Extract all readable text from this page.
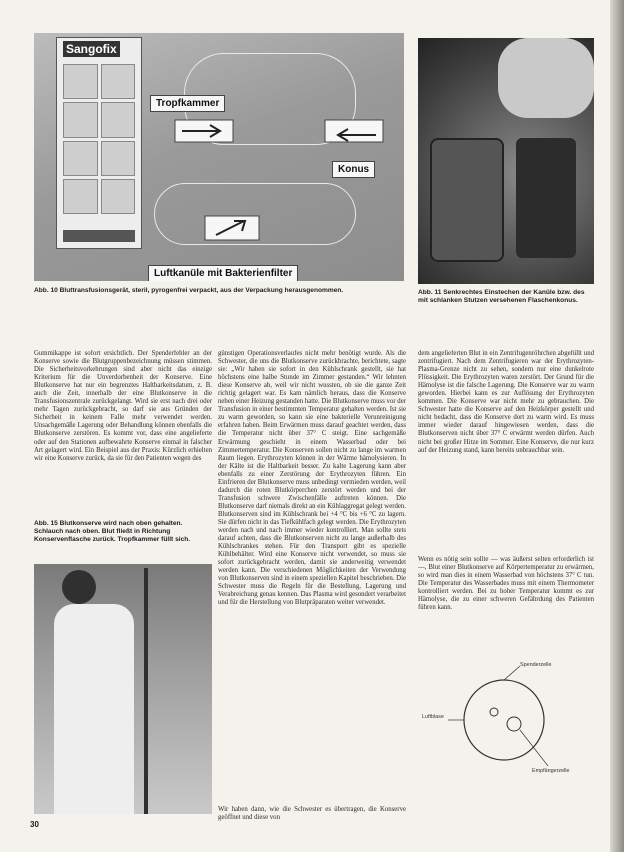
Sangofix
Tropfkammer
Konus
Luftkanüle mit Bakterienfilter
Abb. 10 Bluttransfusionsgerät, steril, pyrogenfrei verpackt, aus der Verpackung herausgenommen.	Abb. 11 Senkrechtes Einstechen der Kanüle bzw. des mit schlanken Stutzen versehenen Flaschenkonus.
Gummikappe ist sofort ersichtlich. Der Spenderfehler an der Konserve sowie die Blutgruppenbezeichnung müssen stimmen. Die Sicherheitsvorkehrungen sind aber nicht das einzige Kriterium für die Unverdorbenheit der Konserve. Eine Blutkonserve hat nur ein begrenztes Haltbarkeitsdatum, z. B. auch die Zeit, innerhalb der eine Blutkonserve in die Transfusionszentrale zurückgelangt. Wird sie erst nach drei oder mehr Tagen zurückgebracht, so darf sie aus Gründen der Sicherheit in keinem Falle mehr verwendet werden. Unsachgemäße Lagerung oder Behandlung können ebenfalls die Blutkonserve zerstören. Es kommt vor, dass eine angelieferte oder auf den Stationen aufbewahrte Konserve einmal in falscher Art gelagert wird. Ein Beispiel aus der Praxis: Kürzlich erhielten wir eine Konserve zurück, da sie für den Patienten wegen des
Abb. 15 Blutkonserve wird nach oben gehalten. Schlauch nach oben. Blut fließt in Richtung Konservenflasche zurück. Tropfkammer füllt sich.
günstigen Operationsverlaufes nicht mehr benötigt wurde. Als die Schwester, die uns die Blutkonserve zurückbrachte, berichtete, sagte sie: „Wir haben sie sofort in den Kühlschrank gestellt, sie hat höchstens eine halbe Stunde im Zimmer gestanden.“ Wir lehnten diese Konserve ab, weil wir nicht wussten, ob sie die ganze Zeit richtig gelagert war. Es kam nämlich heraus, dass die Konserve neben einer Heizung gestanden hatte. Die Blutkonserve muss vor der Transfusion in einer bestimmten Temperatur gehalten werden. Ist sie zu warm geworden, so kann sie eine bakterielle Verunreinigung erfahren haben. Beim Erwärmen muss darauf geachtet werden, dass die Temperatur nicht über 37° C steigt. Eine sachgemäße Erwärmung geschieht in einem Wasserbad oder bei Zimmertemperatur. Die Konserven sollen nicht zu lange im warmen Raum liegen. Erythrozyten können in der Wärme hämolysieren. In der Kälte ist die Haltbarkeit besser. Zu kalte Lagerung kann aber ebenfalls zu einer Zerstörung der Erythrozyten führen. Ein Einfrieren der Blutkonserve muss unbedingt vermieden werden, weil dadurch die roten Blutkörperchen zerstört werden und bei der Transfusion schwere Zwischenfälle auftreten können. Die Blutkonserve darf niemals direkt an ein Kühlaggregat gelegt werden. Blutkonserven sind im Kühlschrank bei +4 °C bis +6 °C zu lagern. Sie dürfen nicht in das Tiefkühlfach gelegt werden. Die Erythrozyten werden nach und nach immer wieder kontrolliert. Man sollte stets darauf achten, dass die Blutkonserven nicht zu lange außerhalb des Kühlschrankes stehen. Für den Transport gibt es spezielle Kühlbehälter. Wird eine Konserve nicht verwendet, so muss sie sofort zurückgebracht werden, damit sie anderweitig verwendet werden kann. Die verschiedenen Möglichkeiten der Verwendung von Blutkonserven sind in einem speziellen Kapitel beschrieben. Die Schwester muss die Regeln für die Bestellung, Lagerung und Verabreichung genau kennen. Das Plasma wird gesondert verarbeitet und für die Herstellung von Blutpräparaten weiter verwendet.
Wir haben dann, wie die Schwester es übertragen, die Konserve geöffnet und diese von
dem angelieferten Blut in ein Zentrifugenröhrchen abgefüllt und zentrifugiert. Nach dem Zentrifugieren war der Erythrozyten-Plasma-Grenze nicht zu sehen, sondern nur eine dunkelrote Flüssigkeit. Die Erythrozyten waren zerstört. Der Grund für die Hämolyse ist die falsche Lagerung. Die Konserve war zu warm geworden. Hierbei kann es zur Auflösung der Erythrozyten kommen. Die Konserve war nicht mehr zu gebrauchen. Die Schwester hatte die Konserve auf den Heizkörper gestellt und nicht bedacht, dass die Konserve dort zu warm wird. Es muss immer wieder darauf hingewiesen werden, dass die Blutkonserven nicht über 37° C erwärmt werden dürfen. Auch nicht bei großer Hitze im Sommer. Eine Konserve, die nur kurz auf der Heizung stand, kann bereits unbrauchbar sein.
Wenn es nötig sein sollte — was äußerst selten erforderlich ist —, Blut einer Blutkonserve auf Körpertemperatur zu erwärmen, so wird man dies in einem Wasserbad von höchstens 37° C tun. Die Temperatur des Wasserbades muss mit einem Thermometer kontrolliert werden. Bei zu hoher Temperatur kommt es zur Hämolyse, die zu einer schweren Gefährdung des Patienten führen kann.
Spenderzelle
Luftblase
Empfängerzelle
30
